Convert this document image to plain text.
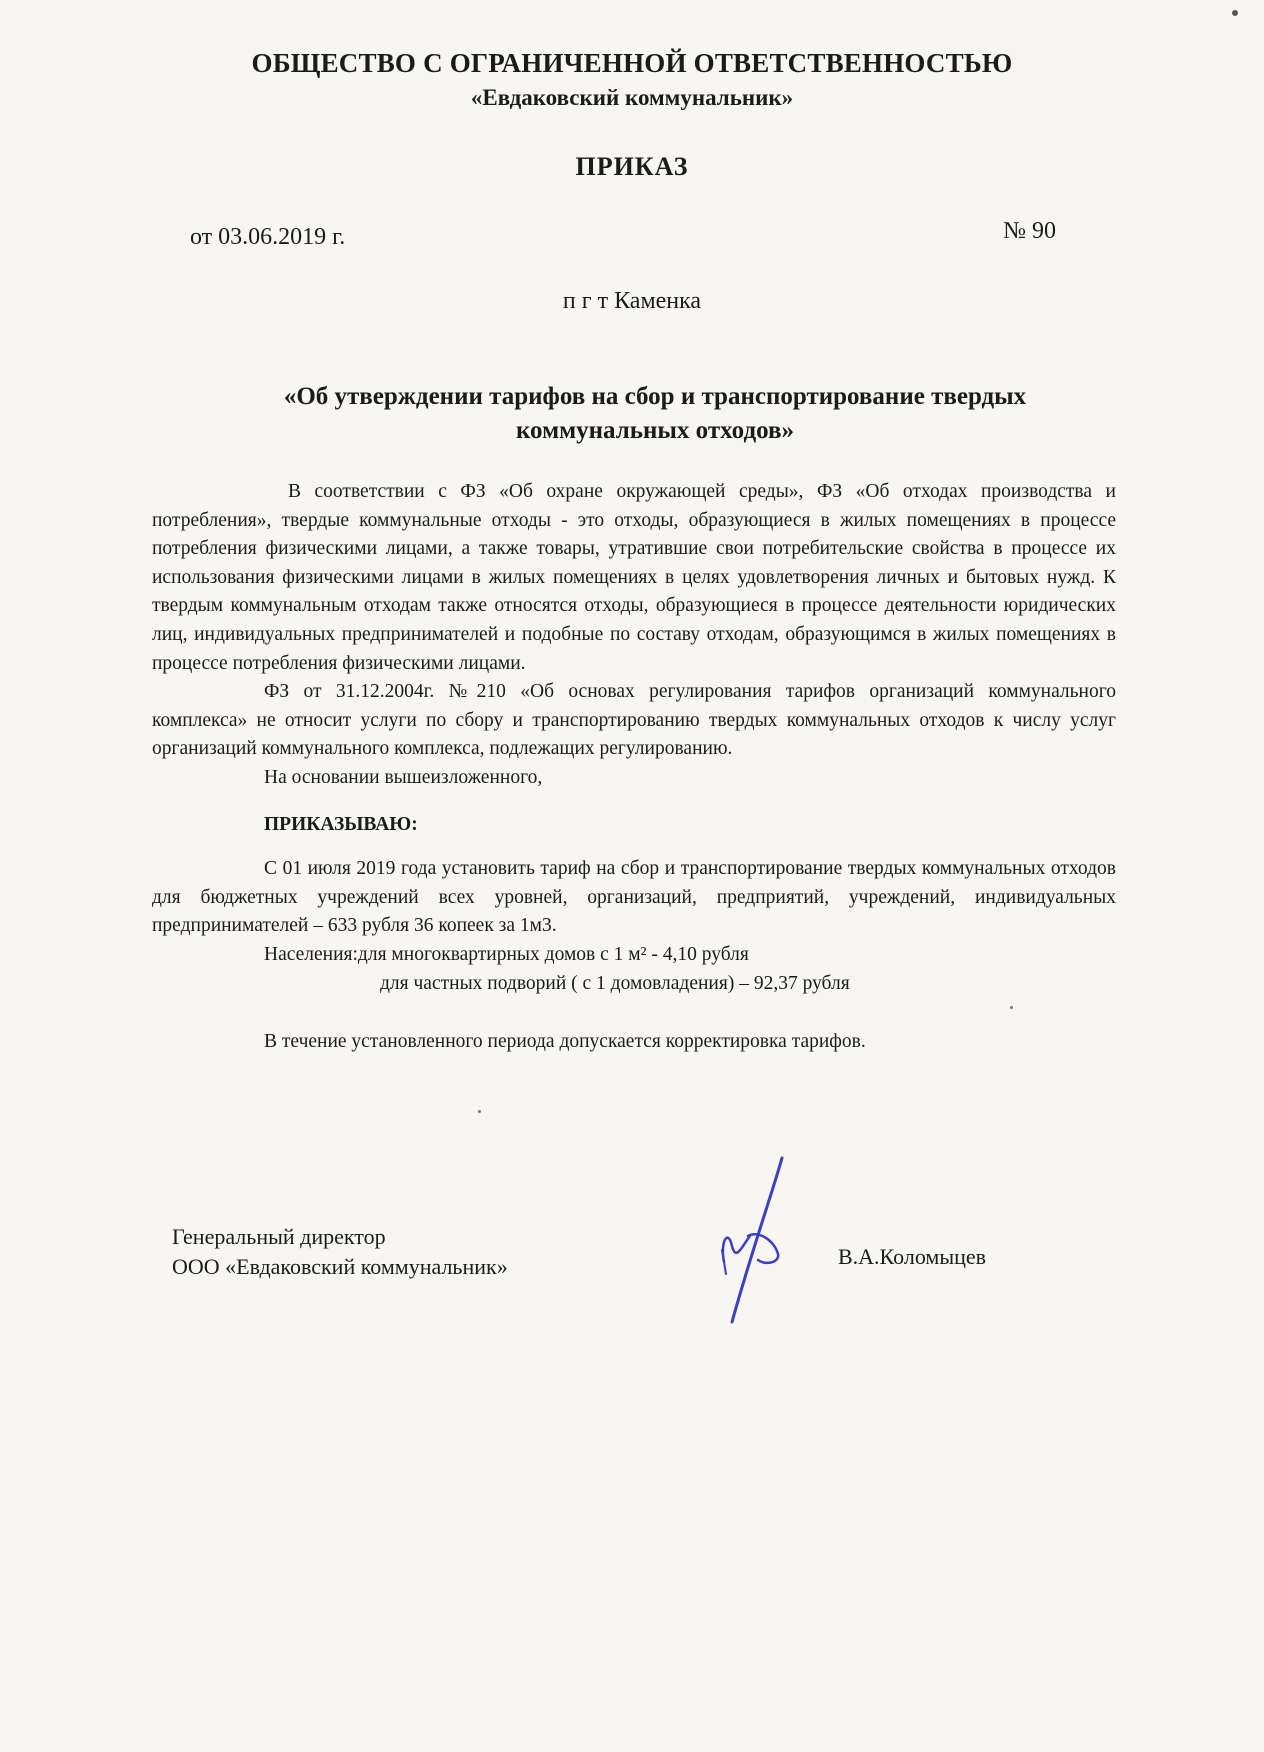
ОБЩЕСТВО С ОГРАНИЧЕННОЙ ОТВЕТСТВЕННОСТЬЮ
«Евдаковский коммунальник»
ПРИКАЗ
от 03.06.2019 г.	№ 90
п г т Каменка
«Об утверждении тарифов на сбор и транспортирование твердых
коммунальных отходов»

В соответствии с ФЗ «Об охране окружающей среды», ФЗ «Об отходах производства и потребления», твердые коммунальные отходы - это отходы, образующиеся в жилых помещениях в процессе потребления физическими лицами, а также товары, утратившие свои потребительские свойства в процессе их использования физическими лицами в жилых помещениях в целях удовлетворения личных и бытовых нужд. К твердым коммунальным отходам также относятся отходы, образующиеся в процессе деятельности юридических лиц, индивидуальных предпринимателей и подобные по составу отходам, образующимся в жилых помещениях в процессе потребления физическими лицами.

ФЗ от 31.12.2004г. №210 «Об основах регулирования тарифов организаций коммунального комплекса» не относит услуги по сбору и транспортированию твердых коммунальных отходов к числу услуг организаций коммунального комплекса, подлежащих регулированию.

На основании вышеизложенного,

ПРИКАЗЫВАЮ:

С 01 июля 2019 года установить тариф на сбор и транспортирование твердых коммунальных отходов для бюджетных учреждений всех уровней, организаций, предприятий, учреждений, индивидуальных предпринимателей – 633 рубля 36 копеек за 1м3.

Населения:для многоквартирных домов с 1 м² - 4,10 рубля

для частных подворий ( с 1 домовладения) – 92,37 рубля

В течение установленного периода допускается корректировка тарифов.

Генеральный директор
ООО «Евдаковский коммунальник»	В.А.Коломыцев
